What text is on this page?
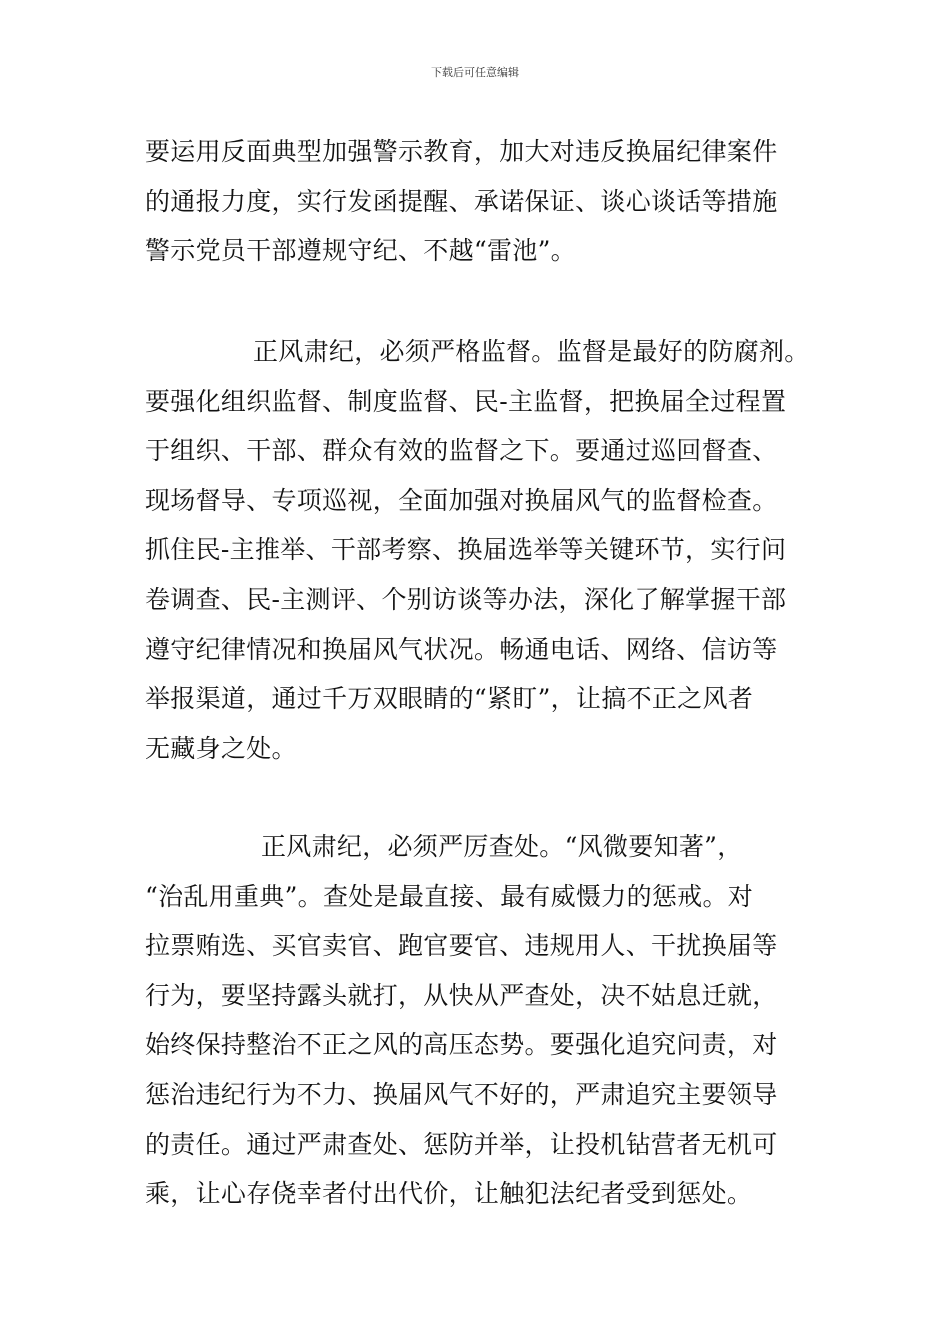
下载后可任意编辑
要运用反面典型加强警示教育，加大对违反换届纪律案件
的通报力度，实行发函提醒、承诺保证、谈心谈话等措施
警示党员干部遵规守纪、不越“雷池”。
正风肃纪，必须严格监督。监督是最好的防腐剂。
要强化组织监督、制度监督、民-主监督，把换届全过程置
于组织、干部、群众有效的监督之下。要通过巡回督查、
现场督导、专项巡视，全面加强对换届风气的监督检查。
抓住民-主推举、干部考察、换届选举等关键环节，实行问
卷调查、民-主测评、个别访谈等办法，深化了解掌握干部
遵守纪律情况和换届风气状况。畅通电话、网络、信访等
举报渠道，通过千万双眼睛的“紧盯”，让搞不正之风者
无藏身之处。
正风肃纪，必须严厉查处。“风微要知著”，
“治乱用重典”。查处是最直接、最有威慑力的惩戒。对
拉票贿选、买官卖官、跑官要官、违规用人、干扰换届等
行为，要坚持露头就打，从快从严查处，决不姑息迁就，
始终保持整治不正之风的高压态势。要强化追究问责，对
惩治违纪行为不力、换届风气不好的，严肃追究主要领导
的责任。通过严肃查处、惩防并举，让投机钻营者无机可
乘，让心存侥幸者付出代价，让触犯法纪者受到惩处。
